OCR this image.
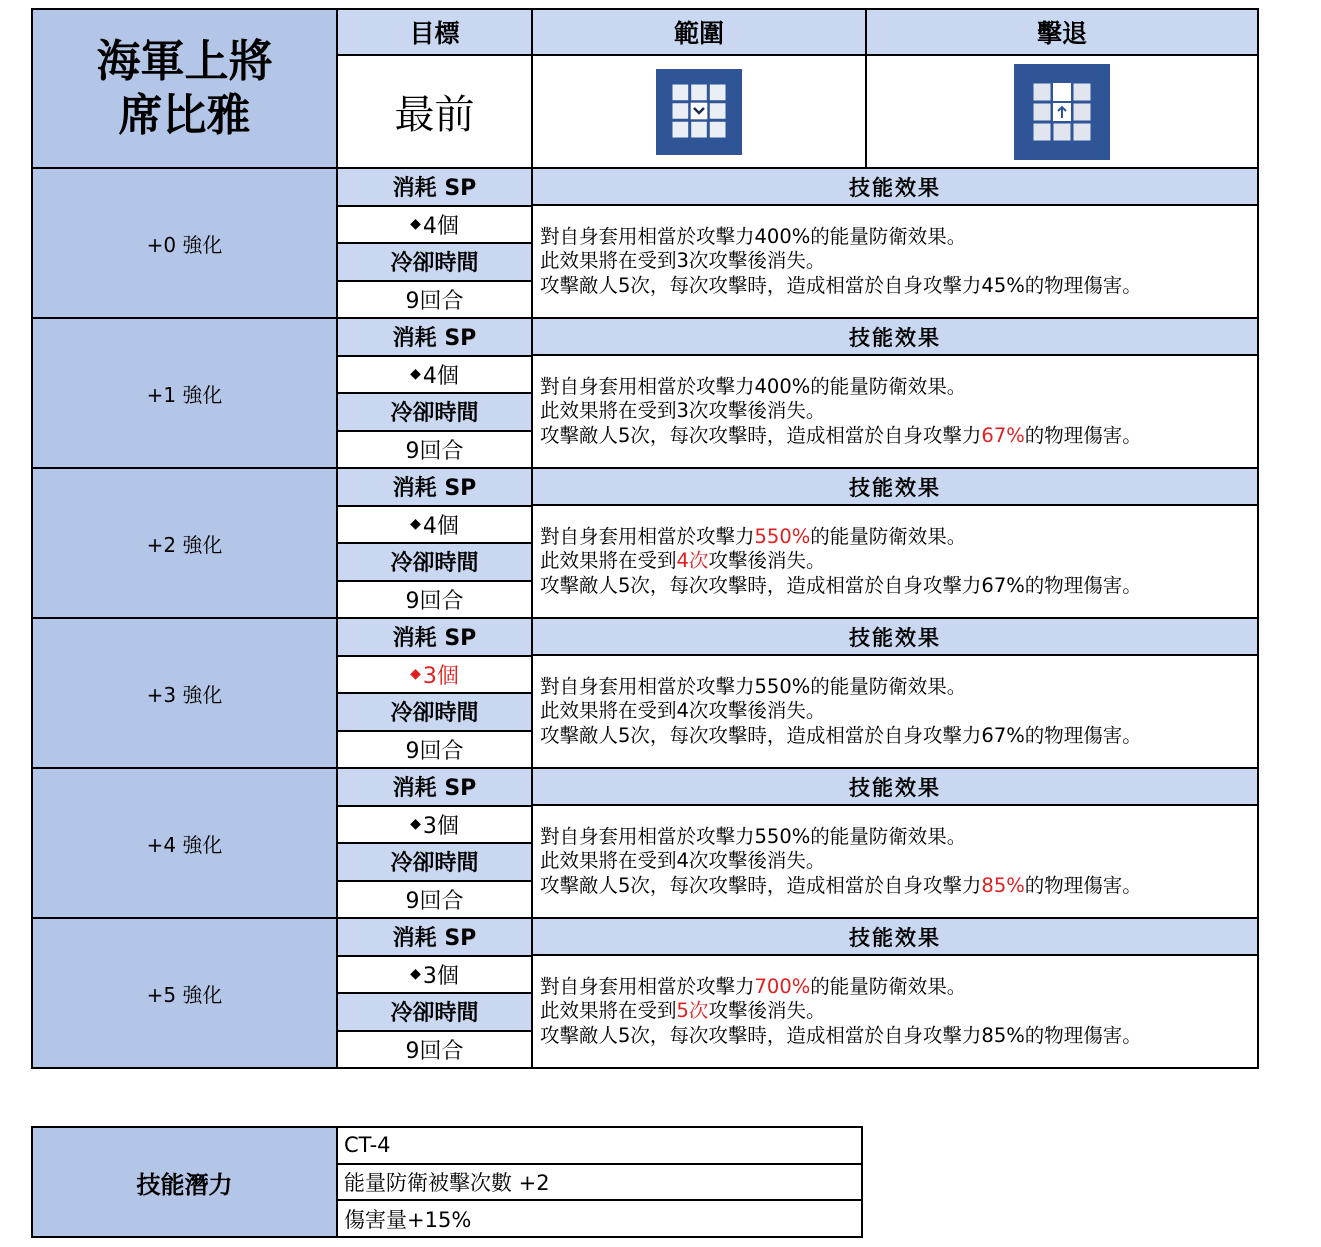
海軍上將
席比雅
目標
最前
範圍	擊退
+0 強化
消耗 SP
◆ 4個
冷卻時間
9回合
技能效果
對自身套用相當於攻擊力400%的能量防衛效果。
此效果將在受到3次攻擊後消失。
攻擊敵人5次，每次攻擊時，造成相當於自身攻擊力45%的物理傷害。
+1 強化
消耗 SP
◆ 4個
冷卻時間
9回合
技能效果
對自身套用相當於攻擊力400%的能量防衛效果。
此效果將在受到3次攻擊後消失。
攻擊敵人5次，每次攻擊時，造成相當於自身攻擊力67%的物理傷害。
+2 強化
消耗 SP
◆ 4個
冷卻時間
9回合
技能效果
對自身套用相當於攻擊力550%的能量防衛效果。
此效果將在受到4次攻擊後消失。
攻擊敵人5次，每次攻擊時，造成相當於自身攻擊力67%的物理傷害。
+3 強化
消耗 SP
◆ 3個
冷卻時間
9回合
技能效果
對自身套用相當於攻擊力550%的能量防衛效果。
此效果將在受到4次攻擊後消失。
攻擊敵人5次，每次攻擊時，造成相當於自身攻擊力67%的物理傷害。
+4 強化
消耗 SP
◆ 3個
冷卻時間
9回合
技能效果
對自身套用相當於攻擊力550%的能量防衛效果。
此效果將在受到4次攻擊後消失。
攻擊敵人5次，每次攻擊時，造成相當於自身攻擊力85%的物理傷害。
+5 強化
消耗 SP
◆ 3個
冷卻時間
9回合
技能效果
對自身套用相當於攻擊力700%的能量防衛效果。
此效果將在受到5次攻擊後消失。
攻擊敵人5次，每次攻擊時，造成相當於自身攻擊力85%的物理傷害。
技能潛力
CT-4
能量防衛被擊次數 +2
傷害量+15%
